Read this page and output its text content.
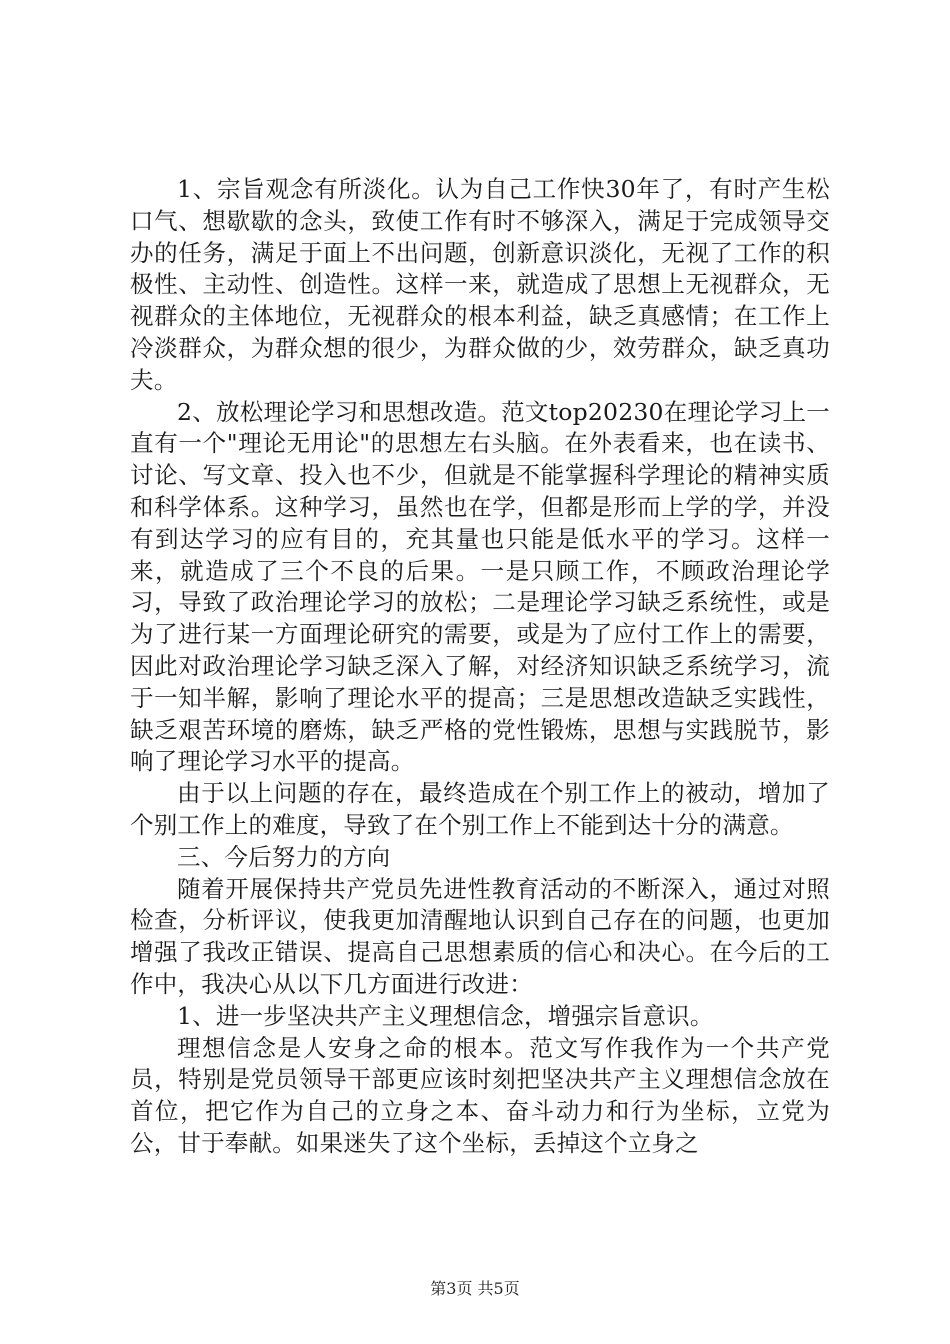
1、宗旨观念有所淡化。认为自己工作快30年了，有时产生松口气、想歇歇的念头，致使工作有时不够深入，满足于完成领导交办的任务，满足于面上不出问题，创新意识淡化，无视了工作的积极性、主动性、创造性。这样一来，就造成了思想上无视群众，无视群众的主体地位，无视群众的根本利益，缺乏真感情；在工作上冷淡群众，为群众想的很少，为群众做的少，效劳群众，缺乏真功夫。

2、放松理论学习和思想改造。范文top20230在理论学习上一直有一个"理论无用论"的思想左右头脑。在外表看来，也在读书、讨论、写文章、投入也不少，但就是不能掌握科学理论的精神实质和科学体系。这种学习，虽然也在学，但都是形而上学的学，并没有到达学习的应有目的，充其量也只能是低水平的学习。这样一来，就造成了三个不良的后果。一是只顾工作，不顾政治理论学习，导致了政治理论学习的放松；二是理论学习缺乏系统性，或是为了进行某一方面理论研究的需要，或是为了应付工作上的需要，因此对政治理论学习缺乏深入了解，对经济知识缺乏系统学习，流于一知半解，影响了理论水平的提高；三是思想改造缺乏实践性，缺乏艰苦环境的磨炼，缺乏严格的党性锻炼，思想与实践脱节，影响了理论学习水平的提高。

由于以上问题的存在，最终造成在个别工作上的被动，增加了个别工作上的难度，导致了在个别工作上不能到达十分的满意。

三、今后努力的方向

随着开展保持共产党员先进性教育活动的不断深入，通过对照检查，分析评议，使我更加清醒地认识到自己存在的问题，也更加增强了我改正错误、提高自己思想素质的信心和决心。在今后的工作中，我决心从以下几方面进行改进：

1、进一步坚决共产主义理想信念，增强宗旨意识。

理想信念是人安身之命的根本。范文写作我作为一个共产党员，特别是党员领导干部更应该时刻把坚决共产主义理想信念放在首位，把它作为自己的立身之本、奋斗动力和行为坐标，立党为公，甘于奉献。如果迷失了这个坐标，丢掉这个立身之

第3页 共5页
